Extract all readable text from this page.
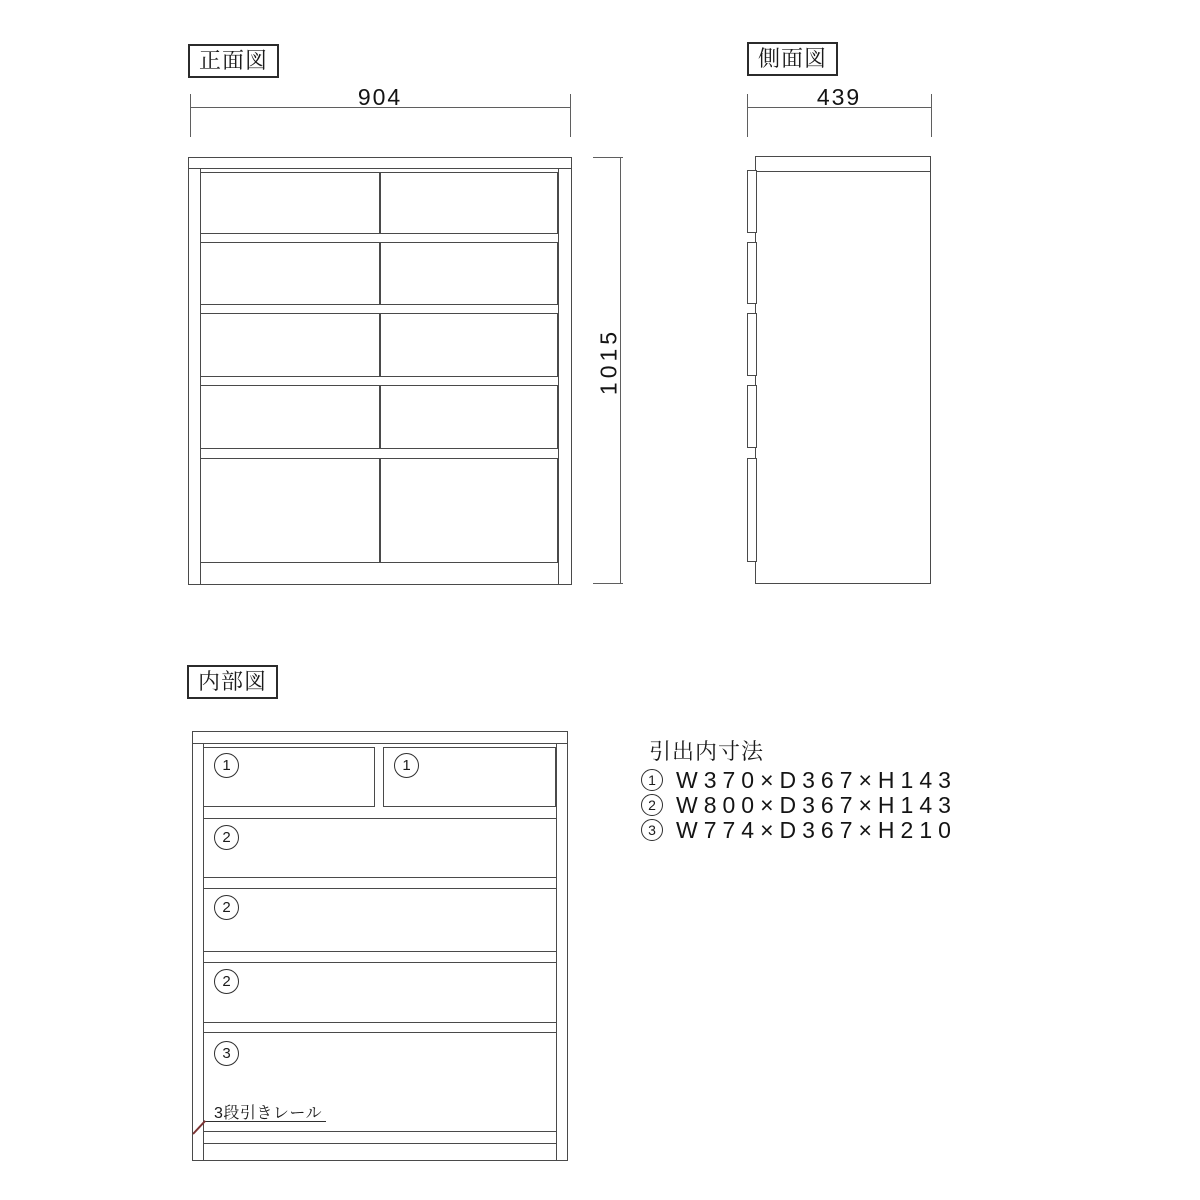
正面図
904
1015
側面図
439
内部図
1	1
2
2
2
3
3段引きレール
引出内寸法
1 W370×D367×H143
2 W800×D367×H143
3 W774×D367×H210
